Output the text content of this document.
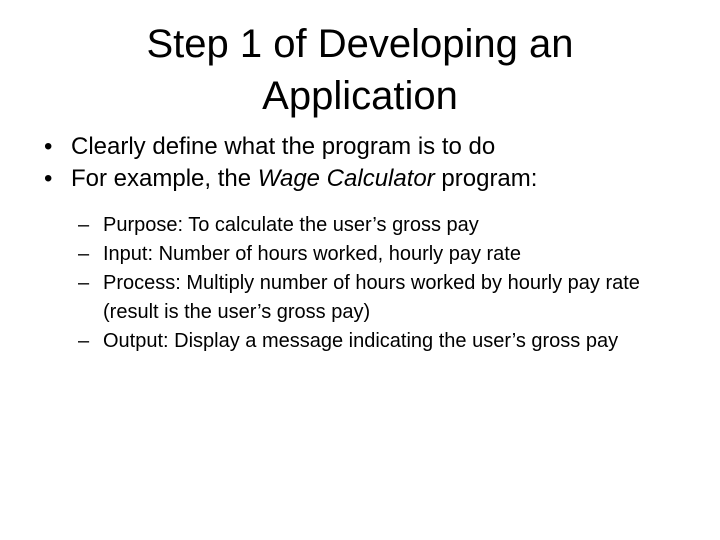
Step 1 of Developing an
Application
• Clearly define what the program is to do
• For example, the Wage Calculator program:
– Purpose: To calculate the user’s gross pay
– Input: Number of hours worked, hourly pay rate
– Process: Multiply number of hours worked by hourly pay rate (result is the user’s gross pay)
– Output: Display a message indicating the user’s gross pay
